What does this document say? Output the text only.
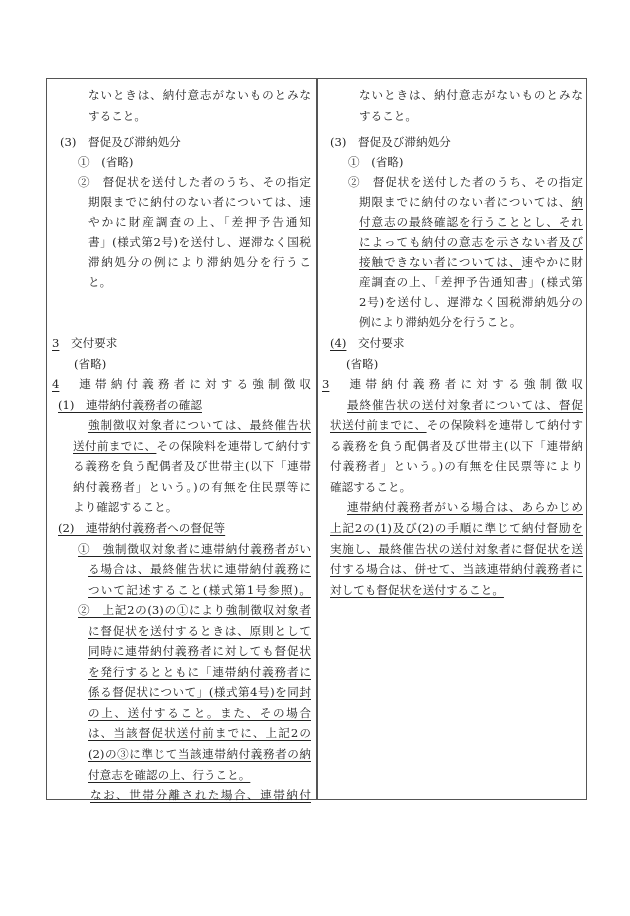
ないときは、納付意志がないものとみな
すること。
(3)　督促及び滞納処分
①　(省略)
②　督促状を送付した者のうち、その指定
期限までに納付のない者については、速
やかに財産調査の上、「差押予告通知
書」(様式第2号)を送付し、遅滞なく国税
滞納処分の例により滞納処分を行うこ
と。
3　交付要求
(省略)
4　連帯納付義務者に対する強制徴収
(1)　連帯納付義務者の確認
強制徴収対象者については、最終催告状
送付前までに、その保険料を連帯して納付す
る義務を負う配偶者及び世帯主(以下「連帯
納付義務者」という。)の有無を住民票等に
より確認すること。
(2)　連帯納付義務者への督促等
①　強制徴収対象者に連帯納付義務者がい
る場合は、最終催告状に連帯納付義務に
ついて記述すること(様式第1号参照)。
②　上記2の(3)の①により強制徴収対象者
に督促状を送付するときは、原則として
同時に連帯納付義務者に対しても督促状
を発行するとともに「連帯納付義務者に
係る督促状について」(様式第4号)を同封
の上、送付すること。また、その場合
は、当該督促状送付前までに、上記2の
(2)の③に準じて当該連帯納付義務者の納
付意志を確認の上、行うこと。
なお、世帯分離された場合、連帯納付
ないときは、納付意志がないものとみな
すること。
(3)　督促及び滞納処分
①　(省略)
②　督促状を送付した者のうち、その指定
期限までに納付のない者については、納
付意志の最終確認を行うこととし、それ
によっても納付の意志を示さない者及び
接触できない者については、速やかに財
産調査の上、「差押予告通知書」(様式第
2号)を送付し、遅滞なく国税滞納処分の
例により滞納処分を行うこと。
(4)　交付要求
(省略)
3　連帯納付義務者に対する強制徴収
最終催告状の送付対象者については、督促
状送付前までに、その保険料を連帯して納付す
る義務を負う配偶者及び世帯主(以下「連帯納
付義務者」という。)の有無を住民票等により
確認すること。
連帯納付義務者がいる場合は、あらかじめ
上記2の(1)及び(2)の手順に準じて納付督励を
実施し、最終催告状の送付対象者に督促状を送
付する場合は、併せて、当該連帯納付義務者に
対しても督促状を送付すること。
